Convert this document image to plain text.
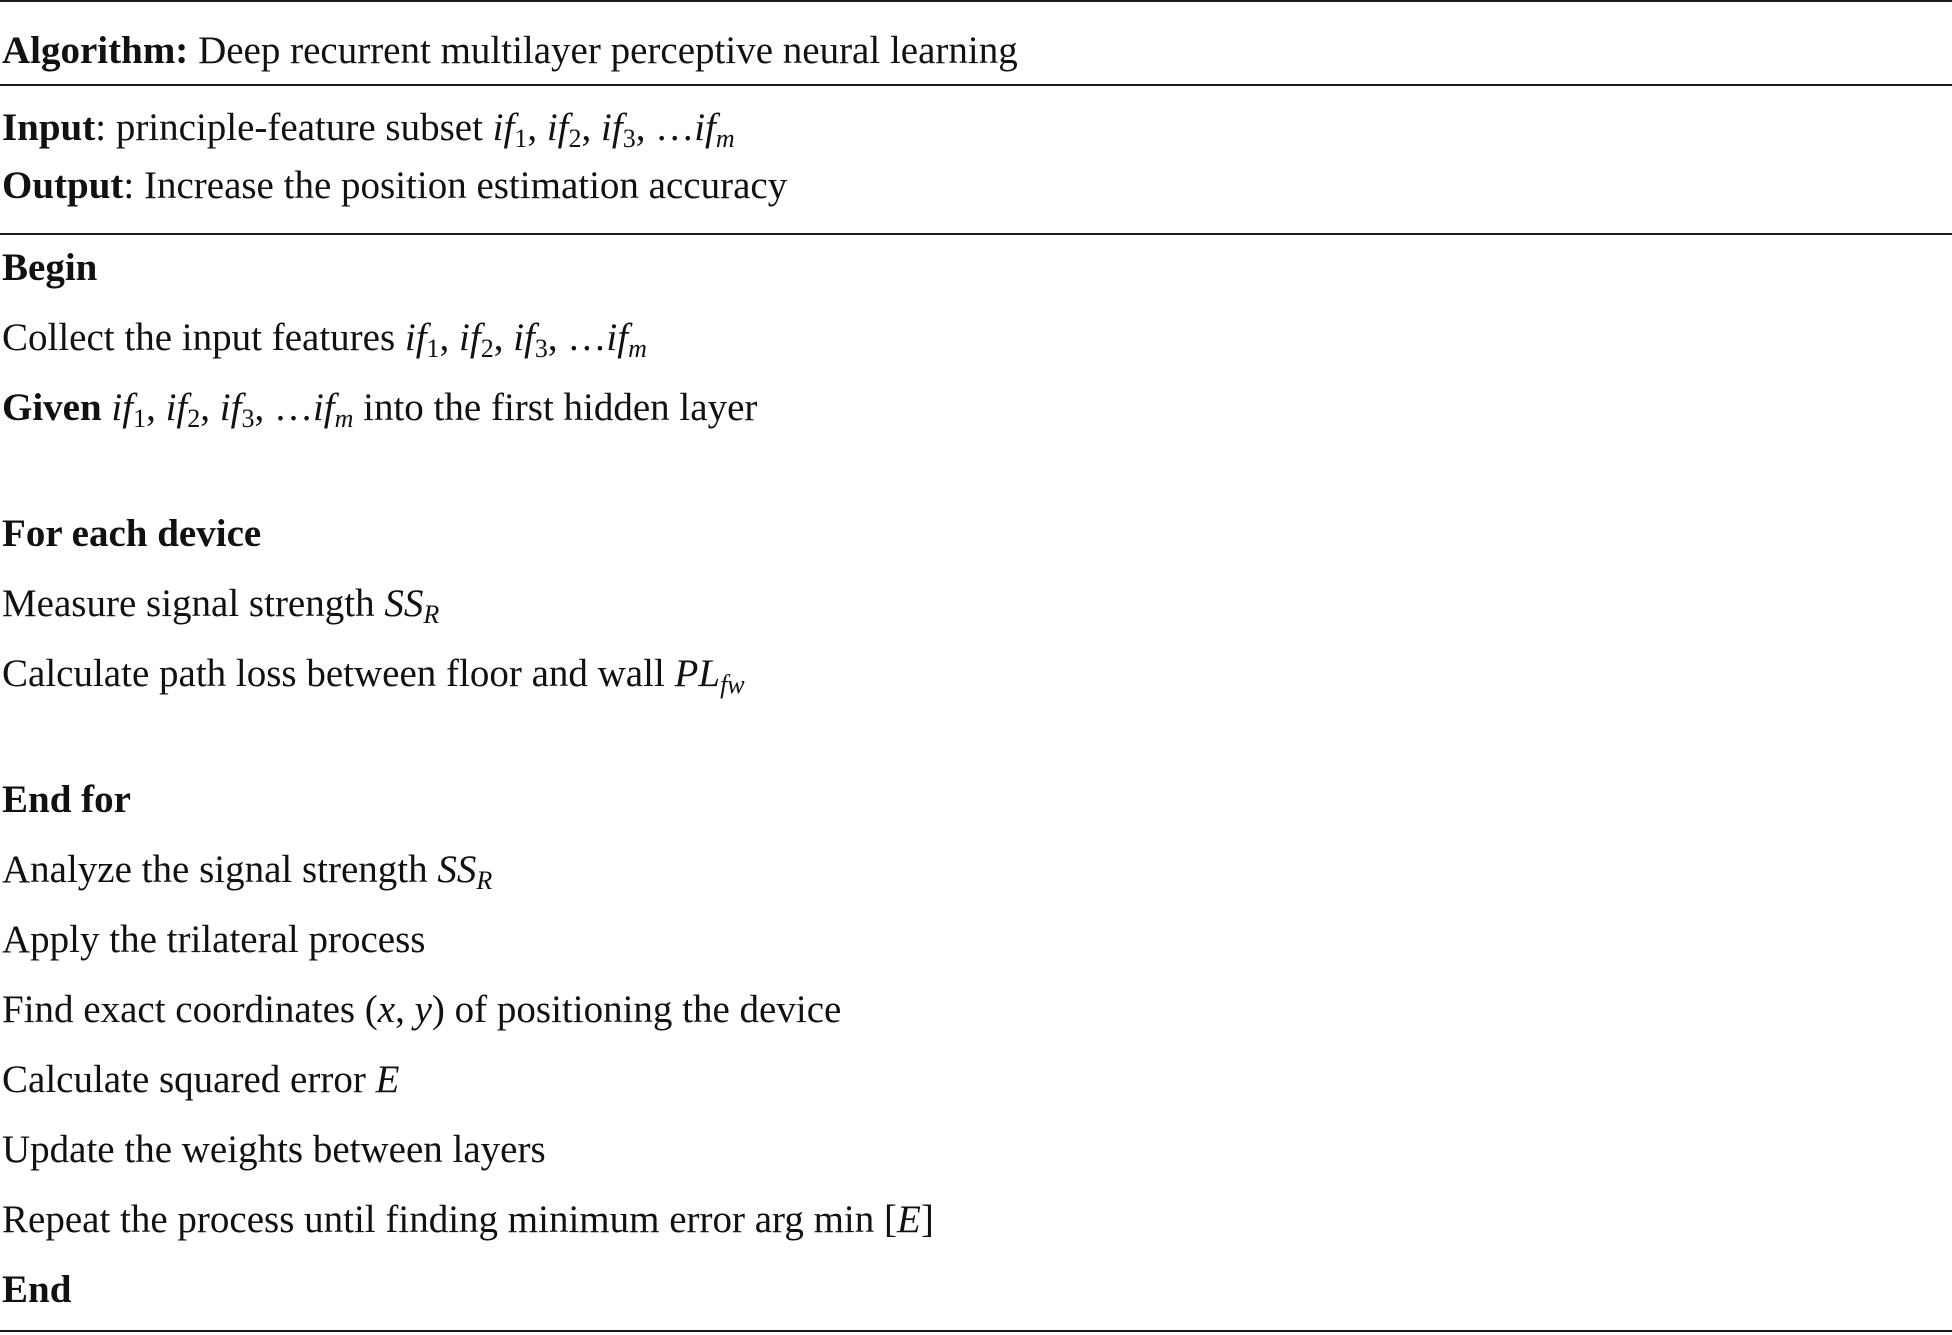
Algorithm: Deep recurrent multilayer perceptive neural learning
Input: principle-feature subset $if_1$, $if_2$, $if_3$, $\dots if_m$
Output: Increase the position estimation accuracy
Begin
Collect the input features $if_1$, $if_2$, $if_3$, $\dots if_m$
Given $if_1$, $if_2$, $if_3$, $\dots if_m$ into the first hidden layer
For each device
Measure signal strength $SS_R$
Calculate path loss between floor and wall $PL_{fw}$
End for
Analyze the signal strength $SS_R$
Apply the trilateral process
Find exact coordinates (x, y) of positioning the device
Calculate squared error E
Update the weights between layers
Repeat the process until finding minimum error arg min [E]
End
